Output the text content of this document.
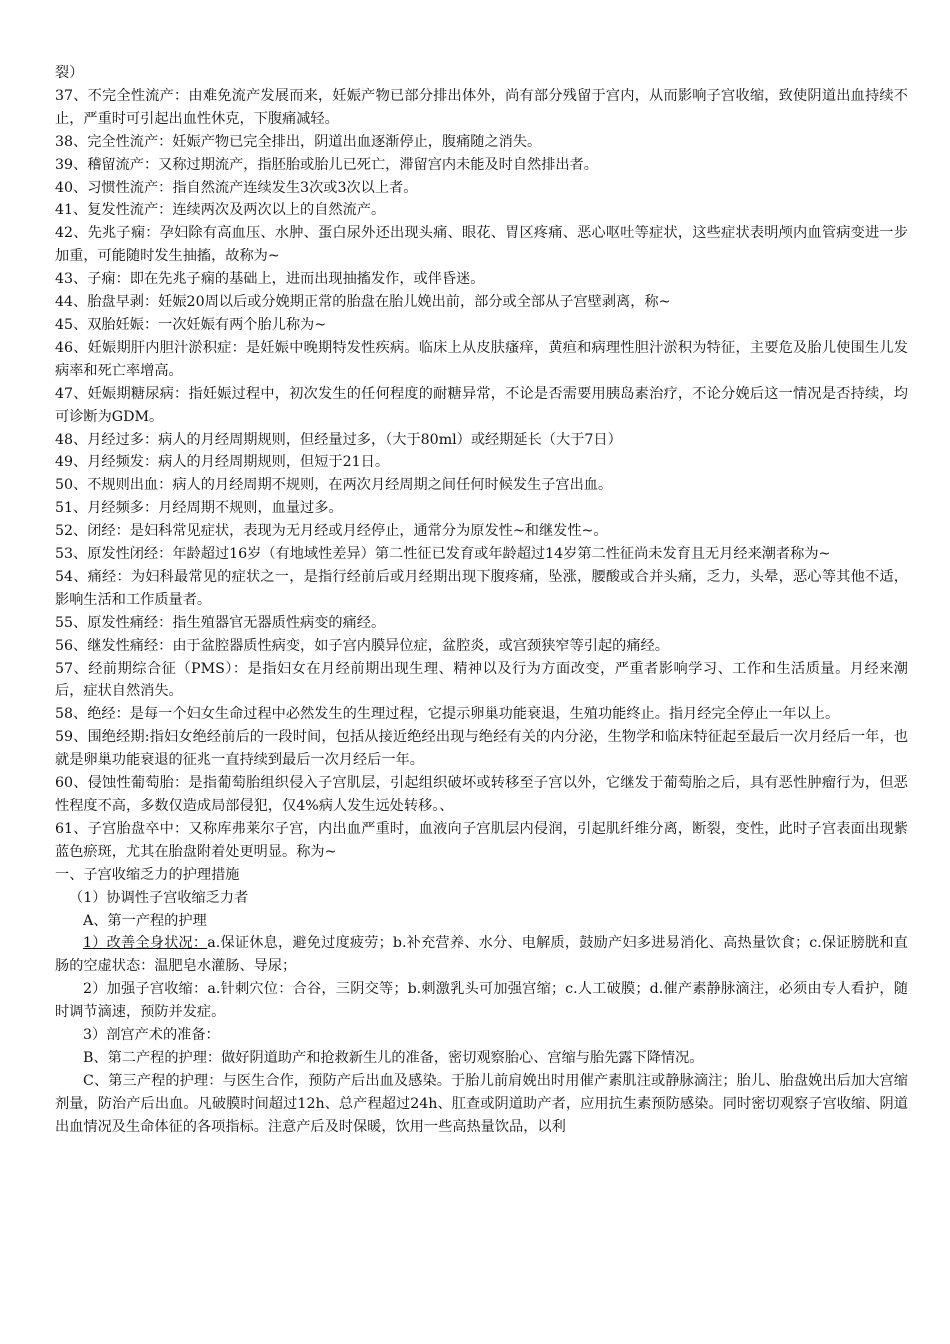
裂）

37、不完全性流产：由难免流产发展而来，妊娠产物已部分排出体外，尚有部分残留于宫内，从而影响子宫收缩，致使阴道出血持续不止，严重时可引起出血性休克，下腹痛减轻。

38、完全性流产：妊娠产物已完全排出，阴道出血逐渐停止，腹痛随之消失。

39、稽留流产：又称过期流产，指胚胎或胎儿已死亡，滞留宫内未能及时自然排出者。

40、习惯性流产：指自然流产连续发生3次或3次以上者。

41、复发性流产：连续两次及两次以上的自然流产。

42、先兆子痫：孕妇除有高血压、水肿、蛋白尿外还出现头痛、眼花、胃区疼痛、恶心呕吐等症状，这些症状表明颅内血管病变进一步加重，可能随时发生抽搐，故称为~

43、子痫：即在先兆子痫的基础上，进而出现抽搐发作，或伴昏迷。

44、胎盘早剥：妊娠20周以后或分娩期正常的胎盘在胎儿娩出前，部分或全部从子宫壁剥离，称~

45、双胎妊娠：一次妊娠有两个胎儿称为~

46、妊娠期肝内胆汁淤积症：是妊娠中晚期特发性疾病。临床上从皮肤瘙痒，黄疸和病理性胆汁淤积为特征，主要危及胎儿使围生儿发病率和死亡率增高。

47、妊娠期糖尿病：指妊娠过程中，初次发生的任何程度的耐糖异常，不论是否需要用胰岛素治疗，不论分娩后这一情况是否持续，均可诊断为GDM。

48、月经过多：病人的月经周期规则，但经量过多，（大于80ml）或经期延长（大于7日）

49、月经频发：病人的月经周期规则，但短于21日。

50、不规则出血：病人的月经周期不规则，在两次月经周期之间任何时候发生子宫出血。

51、月经频多：月经周期不规则，血量过多。

52、闭经：是妇科常见症状，表现为无月经或月经停止，通常分为原发性~和继发性~。

53、原发性闭经：年龄超过16岁（有地域性差异）第二性征已发育或年龄超过14岁第二性征尚未发育且无月经来潮者称为~

54、痛经：为妇科最常见的症状之一，是指行经前后或月经期出现下腹疼痛，坠涨，腰酸或合并头痛，乏力，头晕，恶心等其他不适，影响生活和工作质量者。

55、原发性痛经：指生殖器官无器质性病变的痛经。

56、继发性痛经：由于盆腔器质性病变，如子宫内膜异位症，盆腔炎，或宫颈狭窄等引起的痛经。

57、经前期综合征（PMS）：是指妇女在月经前期出现生理、精神以及行为方面改变，严重者影响学习、工作和生活质量。月经来潮后，症状自然消失。

58、绝经：是每一个妇女生命过程中必然发生的生理过程，它提示卵巢功能衰退，生殖功能终止。指月经完全停止一年以上。

59、围绝经期:指妇女绝经前后的一段时间，包括从接近绝经出现与绝经有关的内分泌，生物学和临床特征起至最后一次月经后一年，也就是卵巢功能衰退的征兆一直持续到最后一次月经后一年。

60、侵蚀性葡萄胎：是指葡萄胎组织侵入子宫肌层，引起组织破坏或转移至子宫以外，它继发于葡萄胎之后，具有恶性肿瘤行为，但恶性程度不高，多数仅造成局部侵犯，仅4%病人发生远处转移。、

61、子宫胎盘卒中：又称库弗莱尔子宫，内出血严重时，血液向子宫肌层内侵润，引起肌纤维分离，断裂，变性，此时子宫表面出现紫蓝色瘀斑，尤其在胎盘附着处更明显。称为~

一、子宫收缩乏力的护理措施

（1）协调性子宫收缩乏力者

A、第一产程的护理

1）改善全身状况：a.保证休息，避免过度疲劳；b.补充营养、水分、电解质，鼓励产妇多进易消化、高热量饮食；c.保证膀胱和直肠的空虚状态：温肥皂水灌肠、导尿；

2）加强子宫收缩：a.针刺穴位：合谷，三阴交等；b.刺激乳头可加强宫缩；c.人工破膜；d.催产素静脉滴注，必须由专人看护，随时调节滴速，预防并发症。

3）剖宫产术的准备：

B、第二产程的护理：做好阴道助产和抢救新生儿的准备，密切观察胎心、宫缩与胎先露下降情况。

C、第三产程的护理：与医生合作，预防产后出血及感染。于胎儿前肩娩出时用催产素肌注或静脉滴注；胎儿、胎盘娩出后加大宫缩剂量，防治产后出血。凡破膜时间超过12h、总产程超过24h、肛查或阴道助产者，应用抗生素预防感染。同时密切观察子宫收缩、阴道出血情况及生命体征的各项指标。注意产后及时保暖，饮用一些高热量饮品，以利
